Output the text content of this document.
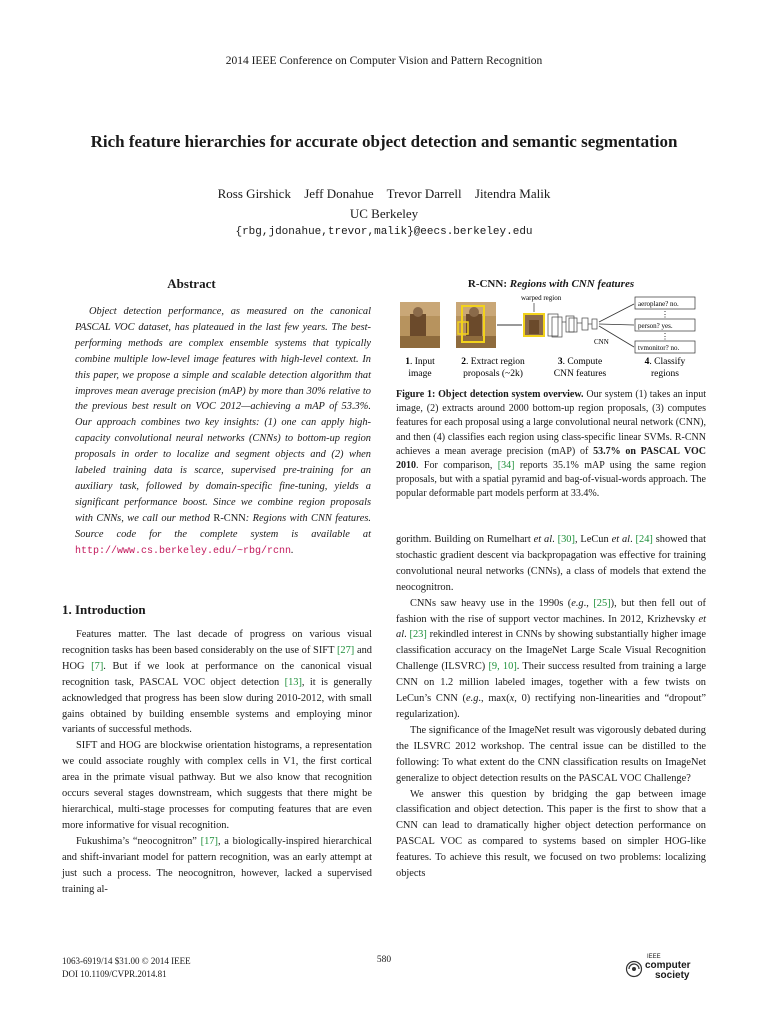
2014 IEEE Conference on Computer Vision and Pattern Recognition
Rich feature hierarchies for accurate object detection and semantic segmentation
Ross Girshick Jeff Donahue Trevor Darrell Jitendra Malik
UC Berkeley
{rbg,jdonahue,trevor,malik}@eecs.berkeley.edu
Abstract

Object detection performance, as measured on the canonical PASCAL VOC dataset, has plateaued in the last few years. The best-performing methods are complex ensemble systems that typically combine multiple low-level image features with high-level context. In this paper, we propose a simple and scalable detection algorithm that improves mean average precision (mAP) by more than 30% relative to the previous best result on VOC 2012—achieving a mAP of 53.3%. Our approach combines two key insights: (1) one can apply high-capacity convolutional neural networks (CNNs) to bottom-up region proposals in order to localize and segment objects and (2) when labeled training data is scarce, supervised pre-training for an auxiliary task, followed by domain-specific fine-tuning, yields a significant performance boost. Since we combine region proposals with CNNs, we call our method R-CNN: Regions with CNN features. Source code for the complete system is available at http://www.cs.berkeley.edu/~rbg/rcnn.

1. Introduction

Features matter. The last decade of progress on various visual recognition tasks has been based considerably on the use of SIFT [27] and HOG [7]. But if we look at performance on the canonical visual recognition task, PASCAL VOC object detection [13], it is generally acknowledged that progress has been slow during 2010-2012, with small gains obtained by building ensemble systems and employing minor variants of successful methods.

SIFT and HOG are blockwise orientation histograms, a representation we could associate roughly with complex cells in V1, the first cortical area in the primate visual pathway. But we also know that recognition occurs several stages downstream, which suggests that there might be hierarchical, multi-stage processes for computing features that are even more informative for visual recognition.

Fukushima’s “neocognitron” [17], a biologically-inspired hierarchical and shift-invariant model for pattern recognition, was an early attempt at just such a process. The neocognitron, however, lacked a supervised training al-

R-CNN: Regions with CNN features
warped region
CNN
aeroplane? no.
⋮
person? yes.
⋮
tvmonitor? no.
1. Input
image
2. Extract region
proposals (~2k)
3. Compute
CNN features
4. Classify
regions
Figure 1: Object detection system overview. Our system (1) takes an input image, (2) extracts around 2000 bottom-up region proposals, (3) computes features for each proposal using a large convolutional neural network (CNN), and then (4) classifies each region using class-specific linear SVMs. R-CNN achieves a mean average precision (mAP) of 53.7% on PASCAL VOC 2010. For comparison, [34] reports 35.1% mAP using the same region proposals, but with a spatial pyramid and bag-of-visual-words approach. The popular deformable part models perform at 33.4%.

gorithm. Building on Rumelhart et al. [30], LeCun et al. [24] showed that stochastic gradient descent via backpropagation was effective for training convolutional neural networks (CNNs), a class of models that extend the neocognitron.

CNNs saw heavy use in the 1990s (e.g., [25]), but then fell out of fashion with the rise of support vector machines. In 2012, Krizhevsky et al. [23] rekindled interest in CNNs by showing substantially higher image classification accuracy on the ImageNet Large Scale Visual Recognition Challenge (ILSVRC) [9, 10]. Their success resulted from training a large CNN on 1.2 million labeled images, together with a few twists on LeCun’s CNN (e.g., max(x, 0) rectifying non-linearities and “dropout” regularization).

The significance of the ImageNet result was vigorously debated during the ILSVRC 2012 workshop. The central issue can be distilled to the following: To what extent do the CNN classification results on ImageNet generalize to object detection results on the PASCAL VOC Challenge?

We answer this question by bridging the gap between image classification and object detection. This paper is the first to show that a CNN can lead to dramatically higher object detection performance on PASCAL VOC as compared to systems based on simpler HOG-like features. To achieve this result, we focused on two problems: localizing objects

1063-6919/14 $31.00 © 2014 IEEE
DOI 10.1109/CVPR.2014.81
580	IEEE
computer
society
